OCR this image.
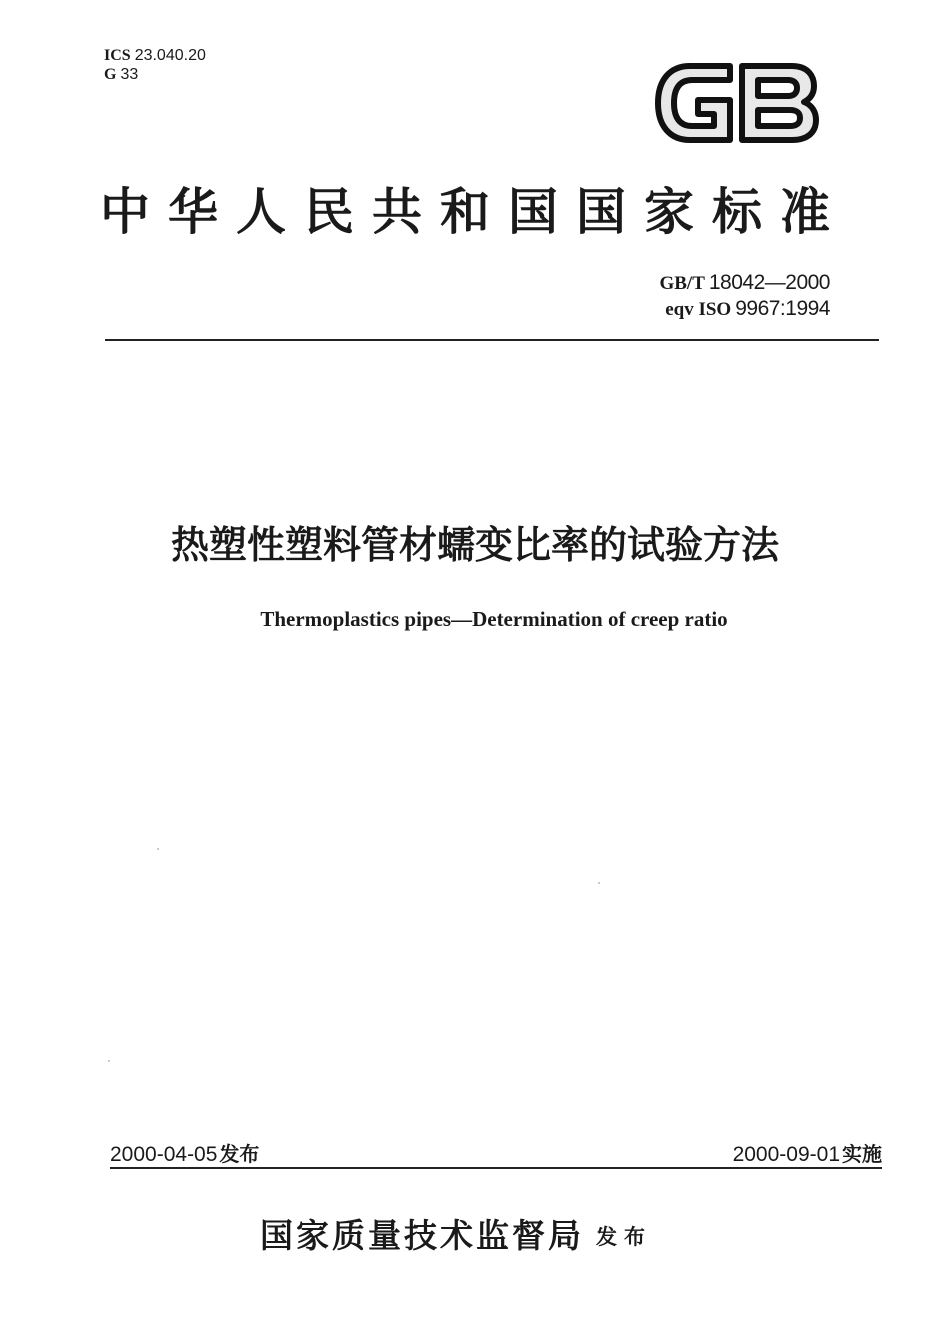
ICS 23.040.20
G 33
中华人民共和国国家标准
GB/T 18042—2000
eqv ISO 9967:1994
热塑性塑料管材蠕变比率的试验方法
Thermoplastics pipes—Determination of creep ratio
2000-04-05 发布	2000-09-01 实施
国家质量技术监督局 发布
